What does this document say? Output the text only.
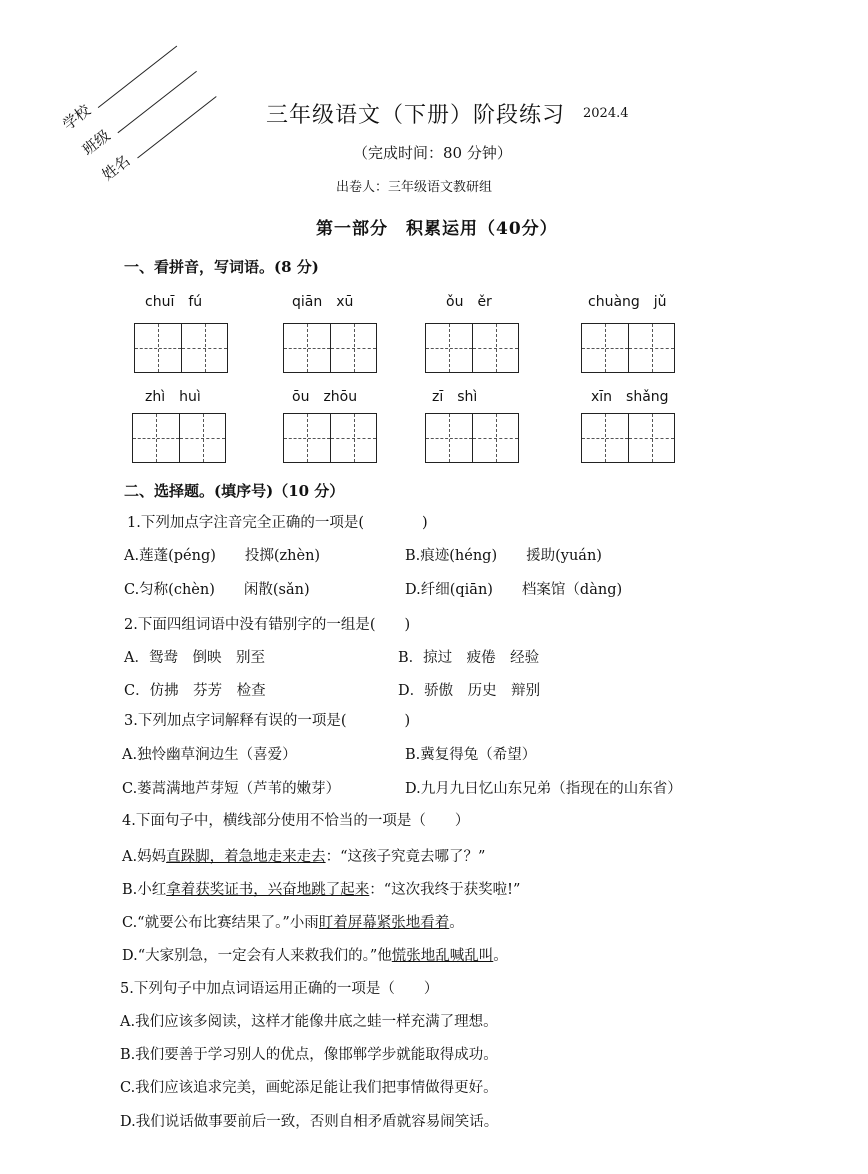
学校
班级
姓名
三年级语文（下册）阶段练习 2024.4
（完成时间：80 分钟）
出卷人：三年级语文教研组
第一部分　积累运用（40分）
一、看拼音，写词语。(8 分)
chuī　fú	qiān　xū	ǒu　ěr	chuàng　jǔ
zhì　huì	ōu　zhōu	zī　shì	xīn　shǎng
二、选择题。(填序号)（10 分）
1.下列加点字注音完全正确的一项是(　　　　)
A.莲蓬(péng)　　投掷(zhèn)	B.痕迹(héng)　　援助(yuán)
C.匀称(chèn)　　闲散(sǎn)	D.纤细(qiān)　　档案馆（dàng)
2.下面四组词语中没有错别字的一组是(　　)
A．鸳鸯　倒映　别至	B．掠过　疲倦　经验
C．仿拂　芬芳　检查	D．骄傲　历史　辩别
3.下列加点字词解释有误的一项是(　　　　)
A.独怜幽草涧边生（喜爱）	B.冀复得兔（希望）
C.蒌蒿满地芦芽短（芦苇的嫩芽）	D.九月九日忆山东兄弟（指现在的山东省）
4.下面句子中，横线部分使用不恰当的一项是（　　）
A.妈妈直跺脚，着急地走来走去：“这孩子究竟去哪了？”
B.小红拿着获奖证书，兴奋地跳了起来：“这次我终于获奖啦!”
C.“就要公布比赛结果了。”小雨盯着屏幕紧张地看着。
D.“大家别急，一定会有人来救我们的。”他慌张地乱喊乱叫。
5.下列句子中加点词语运用正确的一项是（　　）
A.我们应该多阅读，这样才能像井底之蛙一样充满了理想。
B.我们要善于学习别人的优点，像邯郸学步就能取得成功。
C.我们应该追求完美，画蛇添足能让我们把事情做得更好。
D.我们说话做事要前后一致，否则自相矛盾就容易闹笑话。
